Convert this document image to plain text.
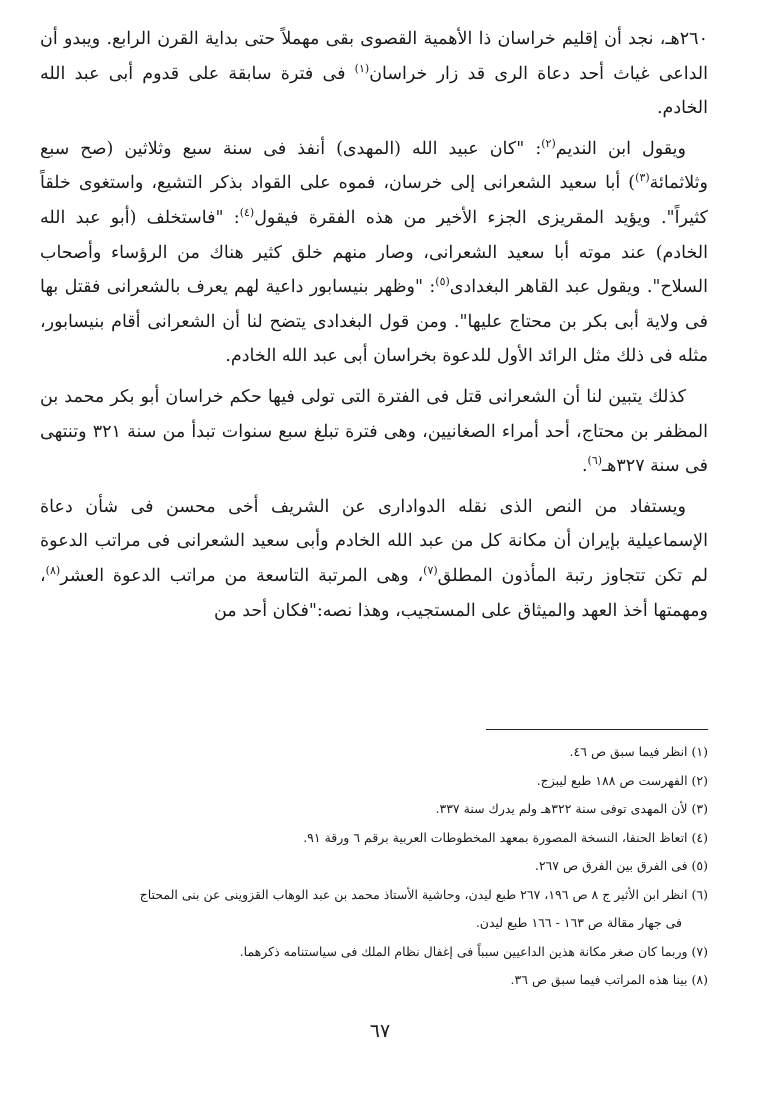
٢٦٠هـ، نجد أن إقليم خراسان ذا الأهمية القصوى بقى مهملاً حتى بداية القرن الرابع. ويبدو أن الداعى غياث أحد دعاة الرى قد زار خراسان$^{(١)}$ فى فترة سابقة على قدوم أبى عبد الله الخادم.

ويقول ابن النديم$^{(٢)}$: "كان عبيد الله (المهدى) أنفذ فى سنة سبع وثلاثين (صح سبع وثلاثمائة$^{(٣)}$) أبا سعيد الشعرانى إلى خرسان، فموه على القواد بذكر التشيع، واستغوى خلقاً كثيراً". ويؤيد المقريزى الجزء الأخير من هذه الفقرة فيقول$^{(٤)}$: "فاستخلف (أبو عبد الله الخادم) عند موته أبا سعيد الشعرانى، وصار منهم خلق كثير هناك من الرؤساء وأصحاب السلاح". ويقول عبد القاهر البغدادى$^{(٥)}$: "وظهر بنيسابور داعية لهم يعرف بالشعرانى فقتل بها فى ولاية أبى بكر بن محتاج عليها". ومن قول البغدادى يتضح لنا أن الشعرانى أقام بنيسابور، مثله فى ذلك مثل الرائد الأول للدعوة بخراسان أبى عبد الله الخادم.

كذلك يتبين لنا أن الشعرانى قتل فى الفترة التى تولى فيها حكم خراسان أبو بكر محمد بن المظفر بن محتاج، أحد أمراء الصغانيين، وهى فترة تبلغ سبع سنوات تبدأ من سنة ٣٢١ وتنتهى فى سنة ٣٢٧هـ$^{(٦)}$.

ويستفاد من النص الذى نقله الدوادارى عن الشريف أخى محسن فى شأن دعاة الإسماعيلية بإيران أن مكانة كل من عبد الله الخادم وأبى سعيد الشعرانى فى مراتب الدعوة لم تكن تتجاوز رتبة المأذون المطلق$^{(٧)}$، وهى المرتبة التاسعة من مراتب الدعوة العشر$^{(٨)}$، ومهمتها أخذ العهد والميثاق على المستجيب، وهذا نصه:"فكان أحد من

(١) انظر فيما سبق ص ٤٦.

(٢) الفهرست ص ١٨٨ طبع ليبزج.

(٣) لأن المهدى توفى سنة ٣٢٢هـ ولم يدرك سنة ٣٣٧.

(٤) اتعاظ الحنفا، النسخة المصورة بمعهد المخطوطات العربية برقم ٦ ورقة ٩١.

(٥) فى الفرق بين الفرق ص ٢٦٧.

(٦) انظر ابن الأثير ج ٨ ص ١٩٦، ٢٦٧ طبع ليدن، وحاشية الأستاذ محمد بن عبد الوهاب القزوينى عن بنى المحتاج

فى جهار مقالة ص ١٦٣ - ١٦٦ طبع ليدن.

(٧) وربما كان صغر مكانة هذين الداعيين سبباً فى إغفال نظام الملك فى سياستنامه ذكرهما.

(٨) بينا هذه المراتب فيما سبق ص ٣٦.

٦٧
